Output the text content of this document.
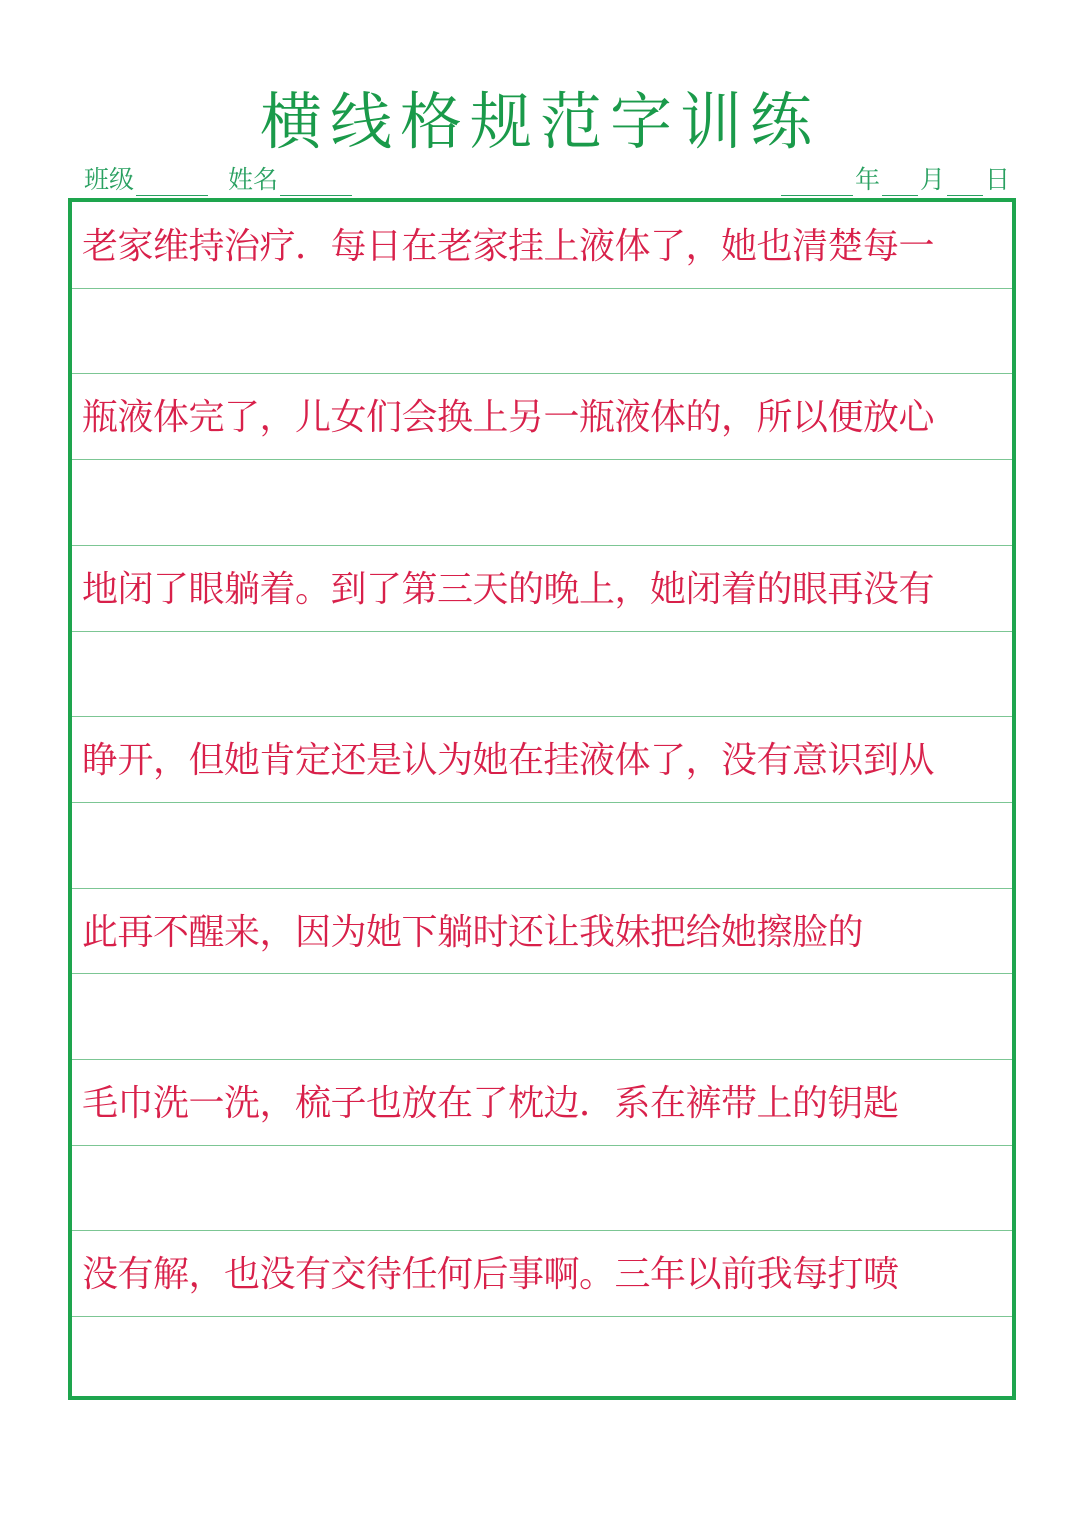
横线格规范字训练
班级	姓名	年 月 日
老家维持治疗．每日在老家挂上液体了，她也清楚每一
瓶液体完了，儿女们会换上另一瓶液体的，所以便放心
地闭了眼躺着。到了第三天的晚上，她闭着的眼再没有
睁开，但她肯定还是认为她在挂液体了，没有意识到从
此再不醒来，因为她下躺时还让我妹把给她擦脸的
毛巾洗一洗，梳子也放在了枕边．系在裤带上的钥匙
没有解，也没有交待任何后事啊。三年以前我每打喷
